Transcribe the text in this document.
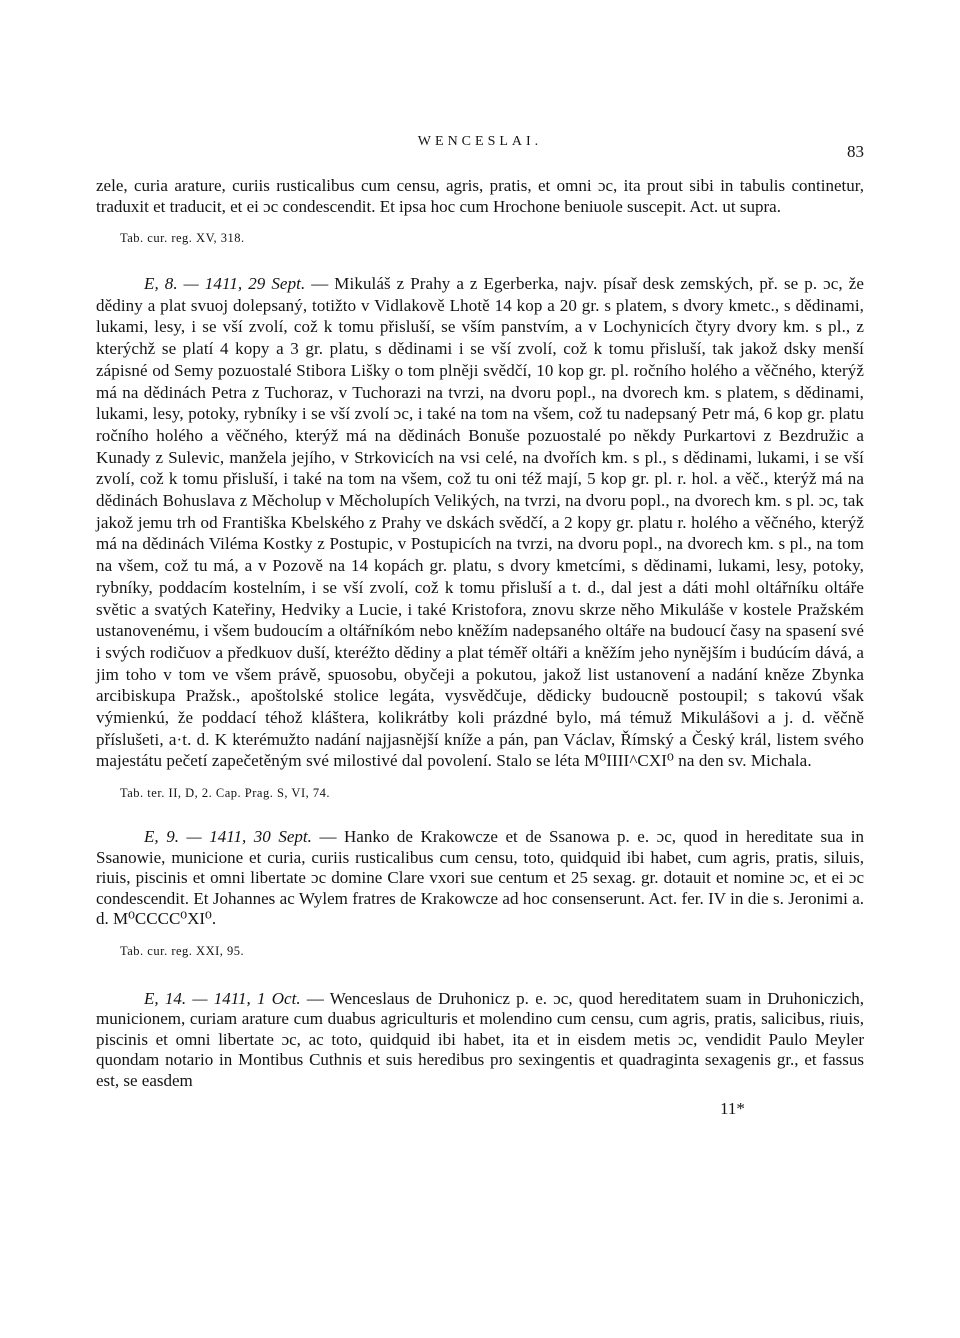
WENCESLAI.
83

zele, curia arature, curiis rusticalibus cum censu, agris, pratis, et omni ɔc, ita prout sibi in tabulis continetur, traduxit et traducit, et ei ɔc condescendit. Et ipsa hoc cum Hrochone beniuole suscepit. Act. ut supra.

Tab. cur. reg. XV, 318.

E, 8. — 1411, 29 Sept. — Mikuláš z Prahy a z Egerberka, najv. písař desk zemských, př. se p. ɔc, že dědiny a plat svuoj dolepsaný, totižto v Vidlakově Lhotě 14 kop a 20 gr. s platem, s dvory kmetc., s dědinami, lukami, lesy, i se vší zvolí, což k tomu přisluší, se vším panstvím, a v Lochynicích čtyry dvory km. s pl., z kterýchž se platí 4 kopy a 3 gr. platu, s dědinami i se vší zvolí, což k tomu přisluší, tak jakož dsky menší zápisné od Semy pozuostalé Stibora Lišky o tom plněji svědčí, 10 kop gr. pl. ročního holého a věčného, kterýž má na dědinách Petra z Tuchoraz, v Tuchorazi na tvrzi, na dvoru popl., na dvorech km. s platem, s dědinami, lukami, lesy, potoky, rybníky i se vší zvolí ɔc, i také na tom na všem, což tu nadepsaný Petr má, 6 kop gr. platu ročního holého a věčného, kterýž má na dědinách Bonuše pozuostalé po někdy Purkartovi z Bezdružic a Kunady z Sulevic, manžela jejího, v Strkovicích na vsi celé, na dvořích km. s pl., s dědinami, lukami, i se vší zvolí, což k tomu přisluší, i také na tom na všem, což tu oni též mají, 5 kop gr. pl. r. hol. a věč., kterýž má na dědinách Bohuslava z Měcholup v Měcholupích Velikých, na tvrzi, na dvoru popl., na dvorech km. s pl. ɔc, tak jakož jemu trh od Františka Kbelského z Prahy ve dskách svědčí, a 2 kopy gr. platu r. holého a věčného, kterýž má na dědinách Viléma Kostky z Postupic, v Postupicích na tvrzi, na dvoru popl., na dvorech km. s pl., na tom na všem, což tu má, a v Pozově na 14 kopách gr. platu, s dvory kmetcími, s dědinami, lukami, lesy, potoky, rybníky, poddacím kostelním, i se vší zvolí, což k tomu přisluší a t. d., dal jest a dáti mohl oltářníku oltáře světic a svatých Kateřiny, Hedviky a Lucie, i také Kristofora, znovu skrze něho Mikuláše v kostele Pražském ustanovenému, i všem budoucím a oltářníkóm nebo kněžím nadepsaného oltáře na budoucí časy na spasení své i svých rodičuov a předkuov duší, kteréžto dědiny a plat téměř oltáři a kněžím jeho nynějším i budúcím dává, a jim toho v tom ve všem právě, spuosobu, obyčeji a pokutou, jakož list ustanovení a nadání kněze Zbynka arcibiskupa Pražsk., apoštolské stolice legáta, vysvědčuje, dědicky budoucně postoupil; s takovú však výmienkú, že poddací téhož kláštera, kolikrátby koli prázdné bylo, má témuž Mikulášovi a j. d. věčně příslušeti, a·t. d. K kterémužto nadání najjasnější kníže a pán, pan Václav, Římský a Český král, listem svého majestátu pečetí zapečetěným své milostivé dal povolení. Stalo se léta M⁰IIII^CXI⁰ na den sv. Michala.

Tab. ter. II, D, 2. Cap. Prag. S, VI, 74.

E, 9. — 1411, 30 Sept. — Hanko de Krakowcze et de Ssanowa p. e. ɔc, quod in hereditate sua in Ssanowie, municione et curia, curiis rusticalibus cum censu, toto, quidquid ibi habet, cum agris, pratis, siluis, riuis, piscinis et omni libertate ɔc domine Clare vxori sue centum et 25 sexag. gr. dotauit et nomine ɔc, et ei ɔc condescendit. Et Johannes ac Wylem fratres de Krakowcze ad hoc consenserunt. Act. fer. IV in die s. Jeronimi a. d. M⁰CCCC⁰XI⁰.

Tab. cur. reg. XXI, 95.

E, 14. — 1411, 1 Oct. — Wenceslaus de Druhonicz p. e. ɔc, quod hereditatem suam in Druhoniczich, municionem, curiam arature cum duabus agriculturis et molendino cum censu, cum agris, pratis, salicibus, riuis, piscinis et omni libertate ɔc, ac toto, quidquid ibi habet, ita et in eisdem metis ɔc, vendidit Paulo Meyler quondam notario in Montibus Cuthnis et suis heredibus pro sexingentis et quadraginta sexagenis gr., et fassus est, se easdem

11*
